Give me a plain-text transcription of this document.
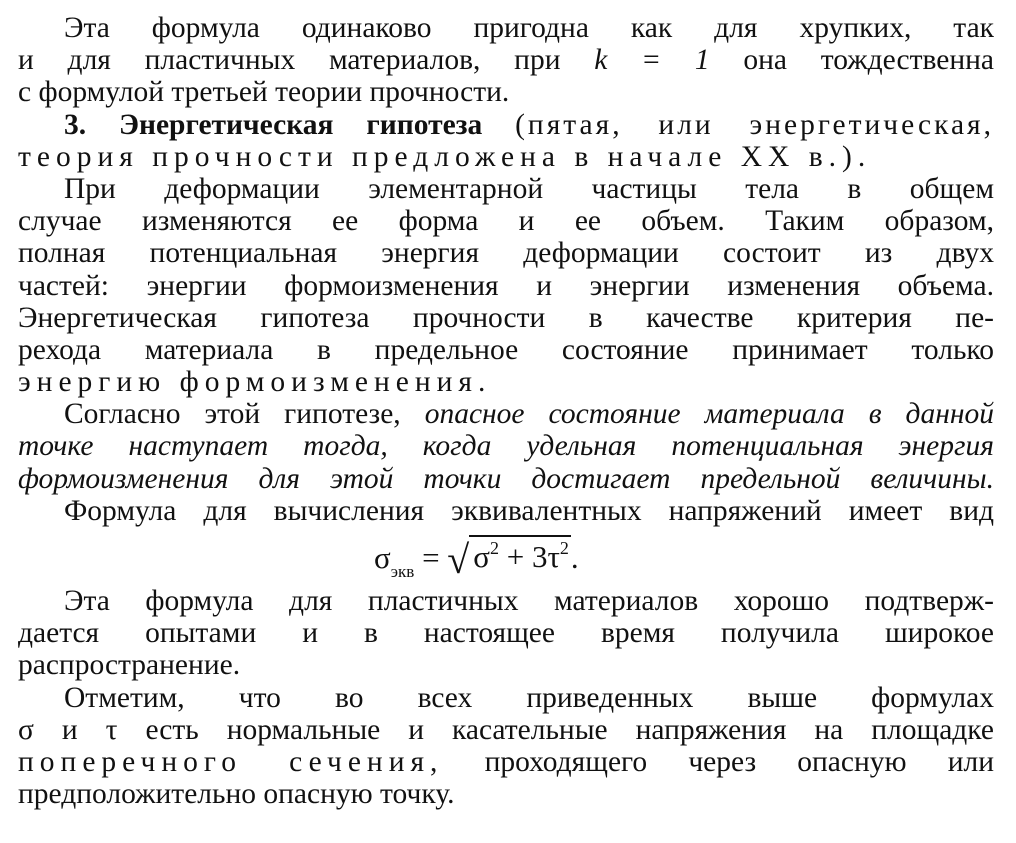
Эта формула одинаково пригодна как для хрупких, так
и для пластичных материалов, при k = 1 она тождественна
с формулой третьей теории прочности.
3. Энергетическая гипотеза (пятая, или энергетическая,
теория прочности предложена в начале XX в.).
При деформации элементарной частицы тела в общем
случае изменяются ее форма и ее объем. Таким образом,
полная потенциальная энергия деформации состоит из двух
частей: энергии формоизменения и энергии изменения объема.
Энергетическая гипотеза прочности в качестве критерия пе-
рехода материала в предельное состояние принимает только
энергию формоизменения.
Согласно этой гипотезе, опасное состояние материала в данной
точке наступает тогда, когда удельная потенциальная энергия
формоизменения для этой точки достигает предельной величины.
Формула для вычисления эквивалентных напряжений имеет вид
$\sigma_{экв}$ = √ $\sigma^2 + 3\tau^2$.
Эта формула для пластичных материалов хорошо подтверж-
дается опытами и в настоящее время получила широкое
распространение.
Отметим, что во всех приведенных выше формулах
σ и τ есть нормальные и касательные напряжения на площадке
поперечного сечения, проходящего через опасную или
предположительно опасную точку.
